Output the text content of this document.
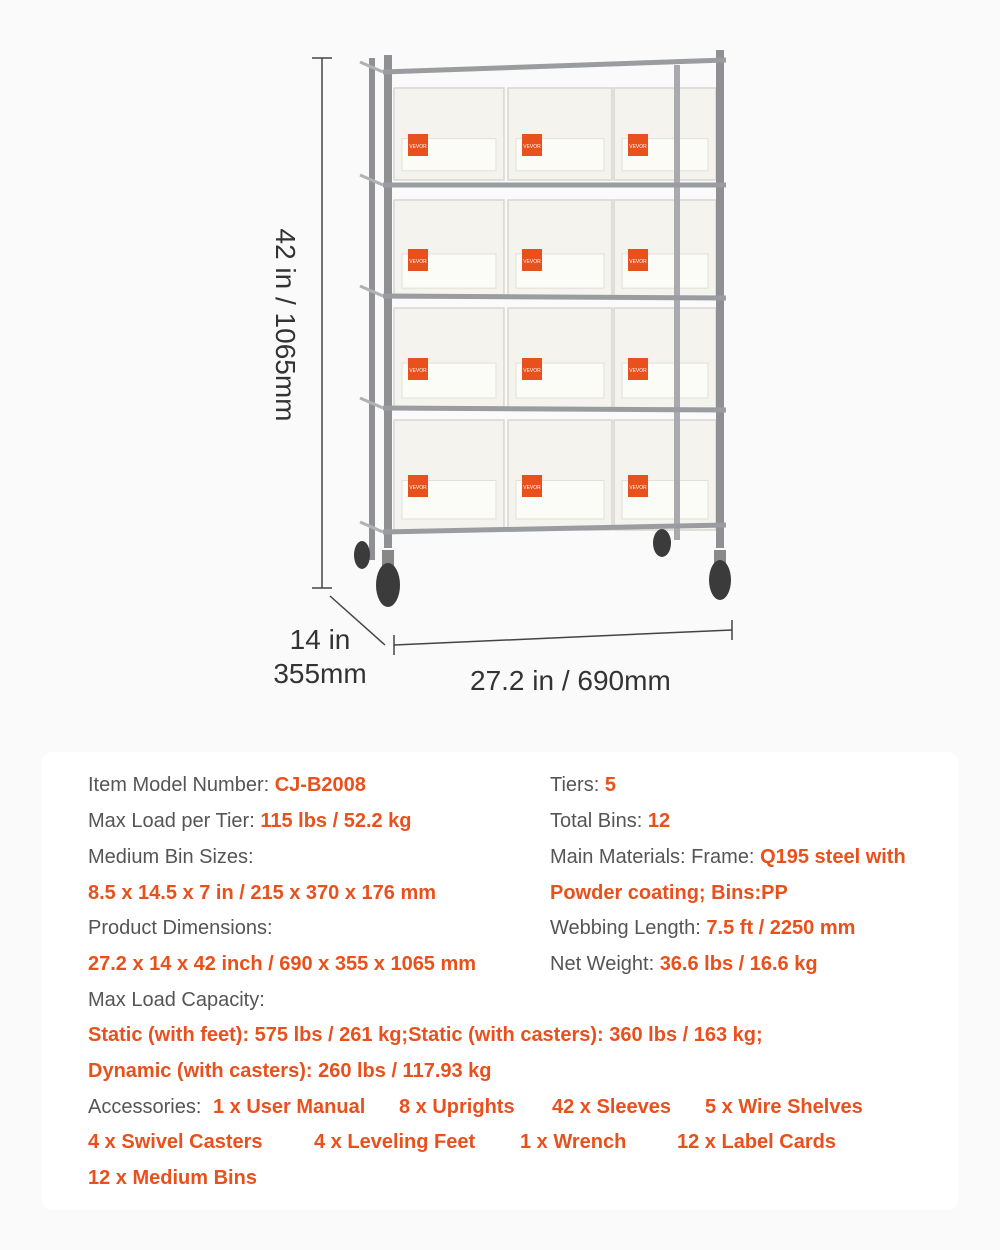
VEVOR	VEVOR	VEVOR
VEVOR	VEVOR	VEVOR
VEVOR	VEVOR	VEVOR
VEVOR	VEVOR	VEVOR
42 in / 1065mm
14 in
355mm	27.2 in / 690mm
Item Model Number: CJ-B2008
Max Load per Tier: 115 lbs / 52.2 kg
Medium Bin Sizes:
8.5 x 14.5 x 7 in / 215 x 370 x 176 mm
Product Dimensions:
27.2 x 14 x 42 inch / 690 x 355 x 1065 mm
Tiers: 5
Total Bins: 12
Main Materials: Frame: Q195 steel with
Powder coating; Bins:PP
Webbing Length: 7.5 ft / 2250 mm
Net Weight: 36.6 lbs / 16.6 kg
Max Load Capacity:
Static (with feet): 575 lbs / 261 kg;Static (with casters): 360 lbs / 163 kg;
Dynamic (with casters): 260 lbs / 117.93 kg
Accessories: 1 x User Manual 8 x Uprights 42 x Sleeves 5 x Wire Shelves
4 x Swivel Casters	4 x Leveling Feet 1 x Wrench	12 x Label Cards
12 x Medium Bins
